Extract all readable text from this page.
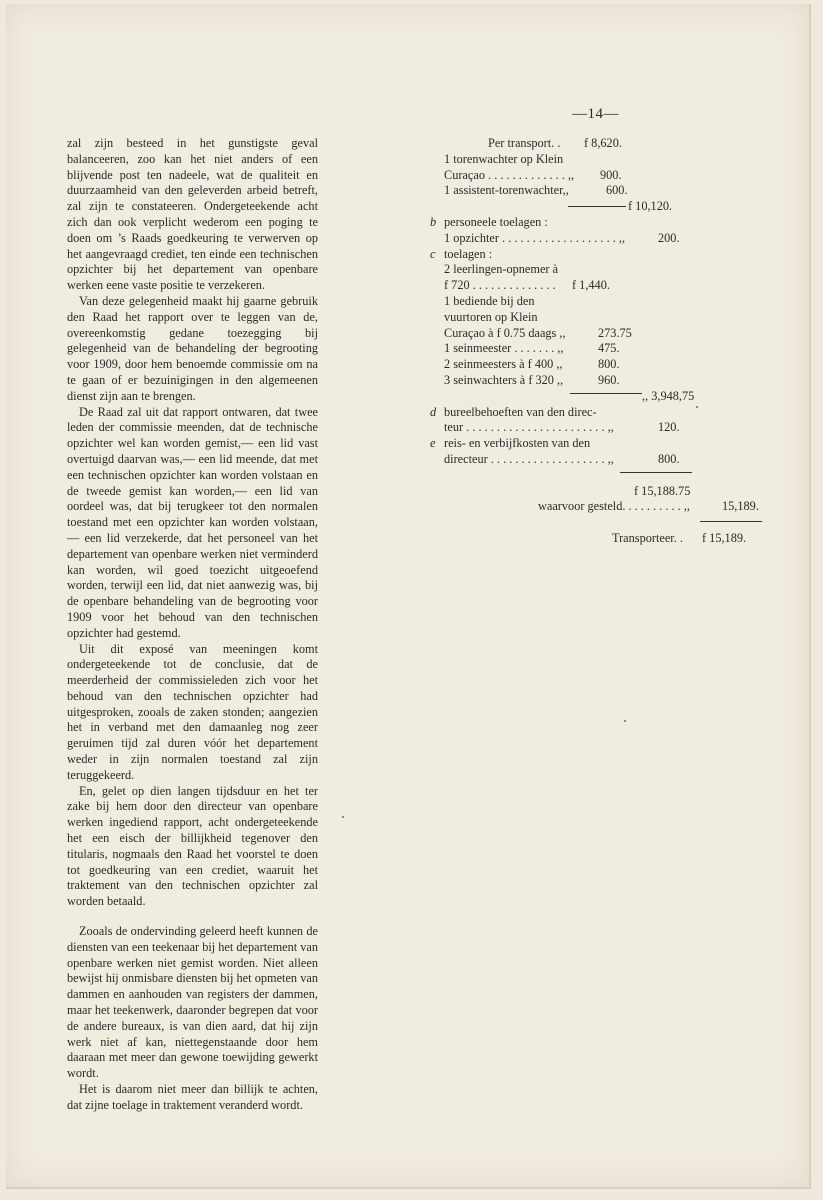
—14—

zal zijn besteed in het gunstigste geval balanceeren, zoo kan het niet anders of een blijvende post ten nadeele, wat de qualiteit en duurzaamheid van den geleverden arbeid betreft, zal zijn te constateeren. Ondergeteekende acht zich dan ook verplicht wederom een poging te doen om ’s Raads goedkeuring te verwerven op het aangevraagd crediet, ten einde een technischen opzichter bij het departement van openbare werken eene vaste positie te verzekeren.

Van deze gelegenheid maakt hij gaarne gebruik den Raad het rapport over te leggen van de, overeenkomstig gedane toezegging bij gelegenheid van de behandeling der begrooting voor 1909, door hem benoemde commissie om na te gaan of er bezuinigingen in den algemeenen dienst zijn aan te brengen.

De Raad zal uit dat rapport ontwaren, dat twee leden der commissie meenden, dat de technische opzichter wel kan worden gemist,— een lid vast overtuigd daarvan was,— een lid meende, dat met een technischen opzichter kan worden volstaan en de tweede gemist kan worden,— een lid van oordeel was, dat bij terugkeer tot den normalen toestand met een opzichter kan worden volstaan,— een lid verzekerde, dat het personeel van het departement van openbare werken niet verminderd kan worden, wil goed toezicht uitgeoefend worden, terwijl een lid, dat niet aanwezig was, bij de openbare behandeling van de begrooting voor 1909 voor het behoud van den technischen opzichter had gestemd.

Uit dit exposé van meeningen komt ondergeteekende tot de conclusie, dat de meerderheid der commissieleden zich voor het behoud van den technischen opzichter had uitgesproken, zooals de zaken stonden; aangezien het in verband met den damaanleg nog zeer geruimen tijd zal duren vóór het departement weder in zijn normalen toestand zal zijn teruggekeerd.

En, gelet op dien langen tijdsduur en het ter zake bij hem door den directeur van openbare werken ingediend rapport, acht ondergeteekende het een eisch der billijkheid tegenover den titularis, nogmaals den Raad het voorstel te doen tot goedkeuring van een crediet, waaruit het traktement van den technischen opzichter zal worden betaald.

Zooals de ondervinding geleerd heeft kunnen de diensten van een teekenaar bij het departement van openbare werken niet gemist worden. Niet alleen bewijst hij onmisbare diensten bij het opmeten van dammen en aanhouden van registers der dammen, maar het teekenwerk, daaronder begrepen dat voor de andere bureaux, is van dien aard, dat hij zijn werk niet af kan, niettegenstaande door hem daaraan met meer dan gewone toewijding gewerkt wordt.

Het is daarom niet meer dan billijk te achten, dat zijne toelage in traktement veranderd wordt.

Per transport. . f 8,620.
1 torenwachter op Klein
Curaçao . . . . . . . . . . . . . ,, 900.
1 assistent-torenwachter,,	600.
f 10,120.
b personeele toelagen :
1 opzichter . . . . . . . . . . . . . . . . . . . ,,	200.
c toelagen :
2 leerlingen-opnemer à
f 720 . . . . . . . . . . . . . . f 1,440.
1 bediende bij den
vuurtoren op Klein
Curaçao à f 0.75 daags ,,	273.75
1 seinmeester . . . . . . . ,,	475.
2 seinmeesters à f 400 ,,	800.
3 seinwachters à f 320 ,,	960.
,, 3,948,75
d bureelbehoeften van den direc-
teur . . . . . . . . . . . . . . . . . . . . . . . ,,	120.
e reis- en verbijfkosten van den
directeur . . . . . . . . . . . . . . . . . . . ,,	800.
f 15,188.75
waarvoor gesteld. . . . . . . . . . ,,	15,189.
Transporteer. . f 15,189.
